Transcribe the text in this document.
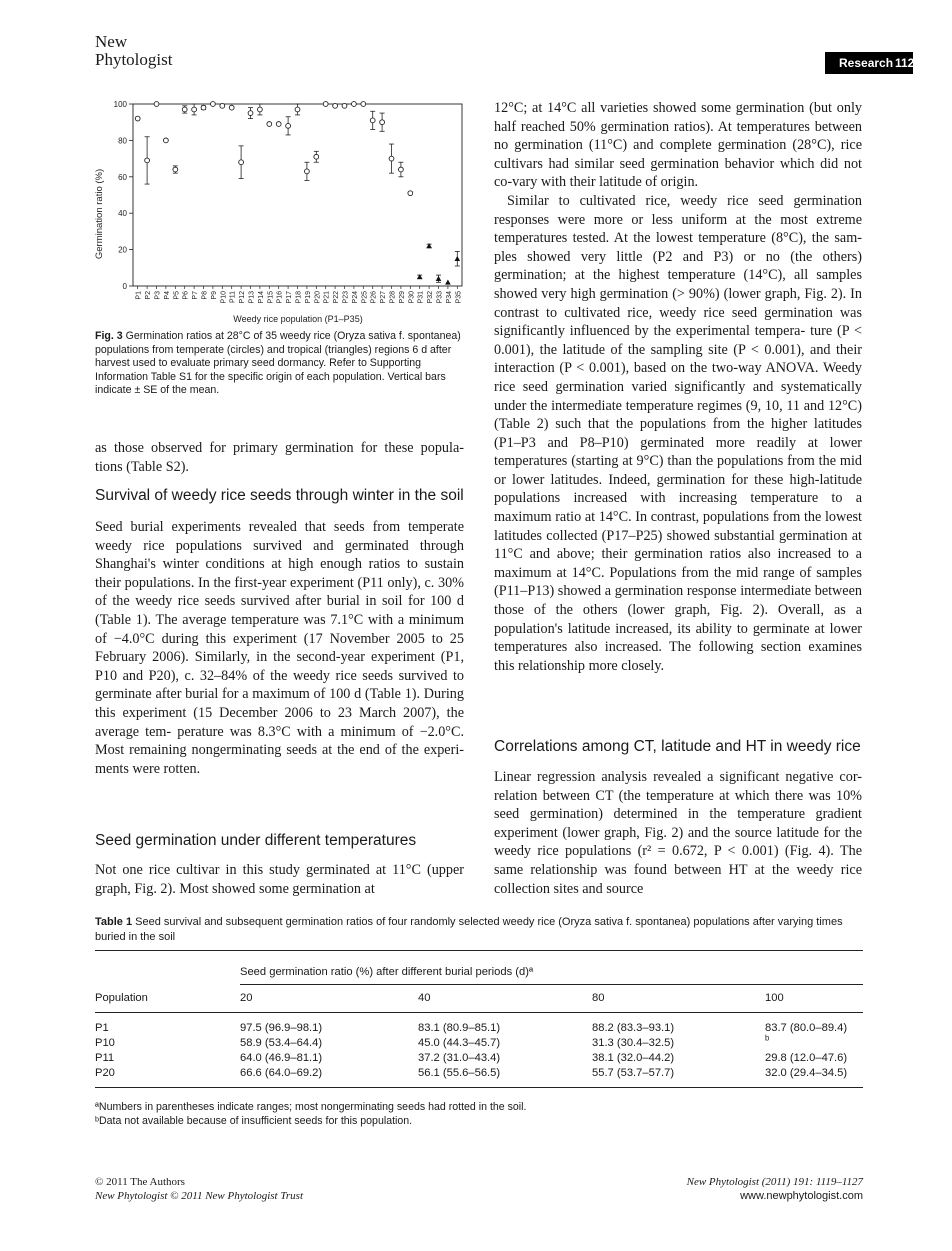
New
Phytologist	Research 1123
0
20
40
60
80
100
P1 P2 P3 P4 P5 P6 P7 P8 P9 P10 P11 P12 P13 P14 P15 P16 P17 P18 P19 P20 P21 P22 P23 P24 P25 P26 P27 P28 P29 P30 P31 P32 P33 P34 P35
Germination ratio (%)
Weedy rice population (P1–P35)
Fig. 3 Germination ratios at 28°C of 35 weedy rice (Oryza sativa f. spontanea) populations from temperate (circles) and tropical (triangles) regions 6 d after harvest used to evaluate primary seed dormancy. Refer to Supporting Information Table S1 for the specific origin of each population. Vertical bars indicate ± SE of the mean.

as those observed for primary germination for these popula- tions (Table S2).

Survival of weedy rice seeds through winter in the soil

Seed burial experiments revealed that seeds from temperate weedy rice populations survived and germinated through Shanghai's winter conditions at high enough ratios to sustain their populations. In the first-year experiment (P11 only), c. 30% of the weedy rice seeds survived after burial in soil for 100 d (Table 1). The average temperature was 7.1°C with a minimum of −4.0°C during this experiment (17 November 2005 to 25 February 2006). Similarly, in the second-year experiment (P1, P10 and P20), c. 32–84% of the weedy rice seeds survived to germinate after burial for a maximum of 100 d (Table 1). During this experiment (15 December 2006 to 23 March 2007), the average tem- perature was 8.3°C with a minimum of −2.0°C. Most remaining nongerminating seeds at the end of the experi- ments were rotten.

Seed germination under different temperatures

Not one rice cultivar in this study germinated at 11°C (upper graph, Fig. 2). Most showed some germination at

12°C; at 14°C all varieties showed some germination (but only half reached 50% germination ratios). At temperatures between no germination (11°C) and complete germination (28°C), rice cultivars had similar seed germination behavior which did not co-vary with their latitude of origin.

Similar to cultivated rice, weedy rice seed germination responses were more or less uniform at the most extreme temperatures tested. At the lowest temperature (8°C), the sam- ples showed very little (P2 and P3) or no (the others) germination; at the highest temperature (14°C), all samples showed very high germination (> 90%) (lower graph, Fig. 2). In contrast to cultivated rice, weedy rice seed germination was significantly influenced by the experimental tempera- ture (P < 0.001), the latitude of the sampling site (P < 0.001), and their interaction (P < 0.001), based on the two-way ANOVA. Weedy rice seed germination varied significantly and systematically under the intermediate temperature regimes (9, 10, 11 and 12°C) (Table 2) such that the populations from the higher latitudes (P1–P3 and P8–P10) germinated more readily at lower temperatures (starting at 9°C) than the populations from the mid or lower latitudes. Indeed, germination for these high-latitude populations increased with increasing temperature to a maximum ratio at 14°C. In contrast, populations from the lowest latitudes collected (P17–P25) showed substantial germination at 11°C and above; their germination ratios also increased to a maximum at 14°C. Populations from the mid range of samples (P11–P13) showed a germination response intermediate between those of the others (lower graph, Fig. 2). Overall, as a population's latitude increased, its ability to germinate at lower temperatures also increased. The following section examines this relationship more closely.

Correlations among CT, latitude and HT in weedy rice

Linear regression analysis revealed a significant negative cor- relation between CT (the temperature at which there was 10% seed germination) determined in the temperature gradient experiment (lower graph, Fig. 2) and the source latitude for the weedy rice populations (r² = 0.672, P < 0.001) (Fig. 4). The same relationship was found between HT at the weedy rice collection sites and source

Table 1 Seed survival and subsequent germination ratios of four randomly selected weedy rice (Oryza sativa f. spontanea) populations after varying times buried in the soil
Seed germination ratio (%) after different burial periods (d)ª
Population	20	40	80	100
P1	97.5 (96.9–98.1)	83.1 (80.9–85.1)	88.2 (83.3–93.1)	83.7 (80.0–89.4)
P10	58.9 (53.4–64.4)	45.0 (44.3–45.7)	31.3 (30.4–32.5)	ᵇ
P11	64.0 (46.9–81.1)	37.2 (31.0–43.4)	38.1 (32.0–44.2)	29.8 (12.0–47.6)
P20	66.6 (64.0–69.2)	56.1 (55.6–56.5)	55.7 (53.7–57.7)	32.0 (29.4–34.5)
ªNumbers in parentheses indicate ranges; most nongerminating seeds had rotted in the soil.
ᵇData not available because of insufficient seeds for this population.
© 2011 The Authors
New Phytologist © 2011 New Phytologist Trust
New Phytologist (2011) 191: 1119–1127
www.newphytologist.com
